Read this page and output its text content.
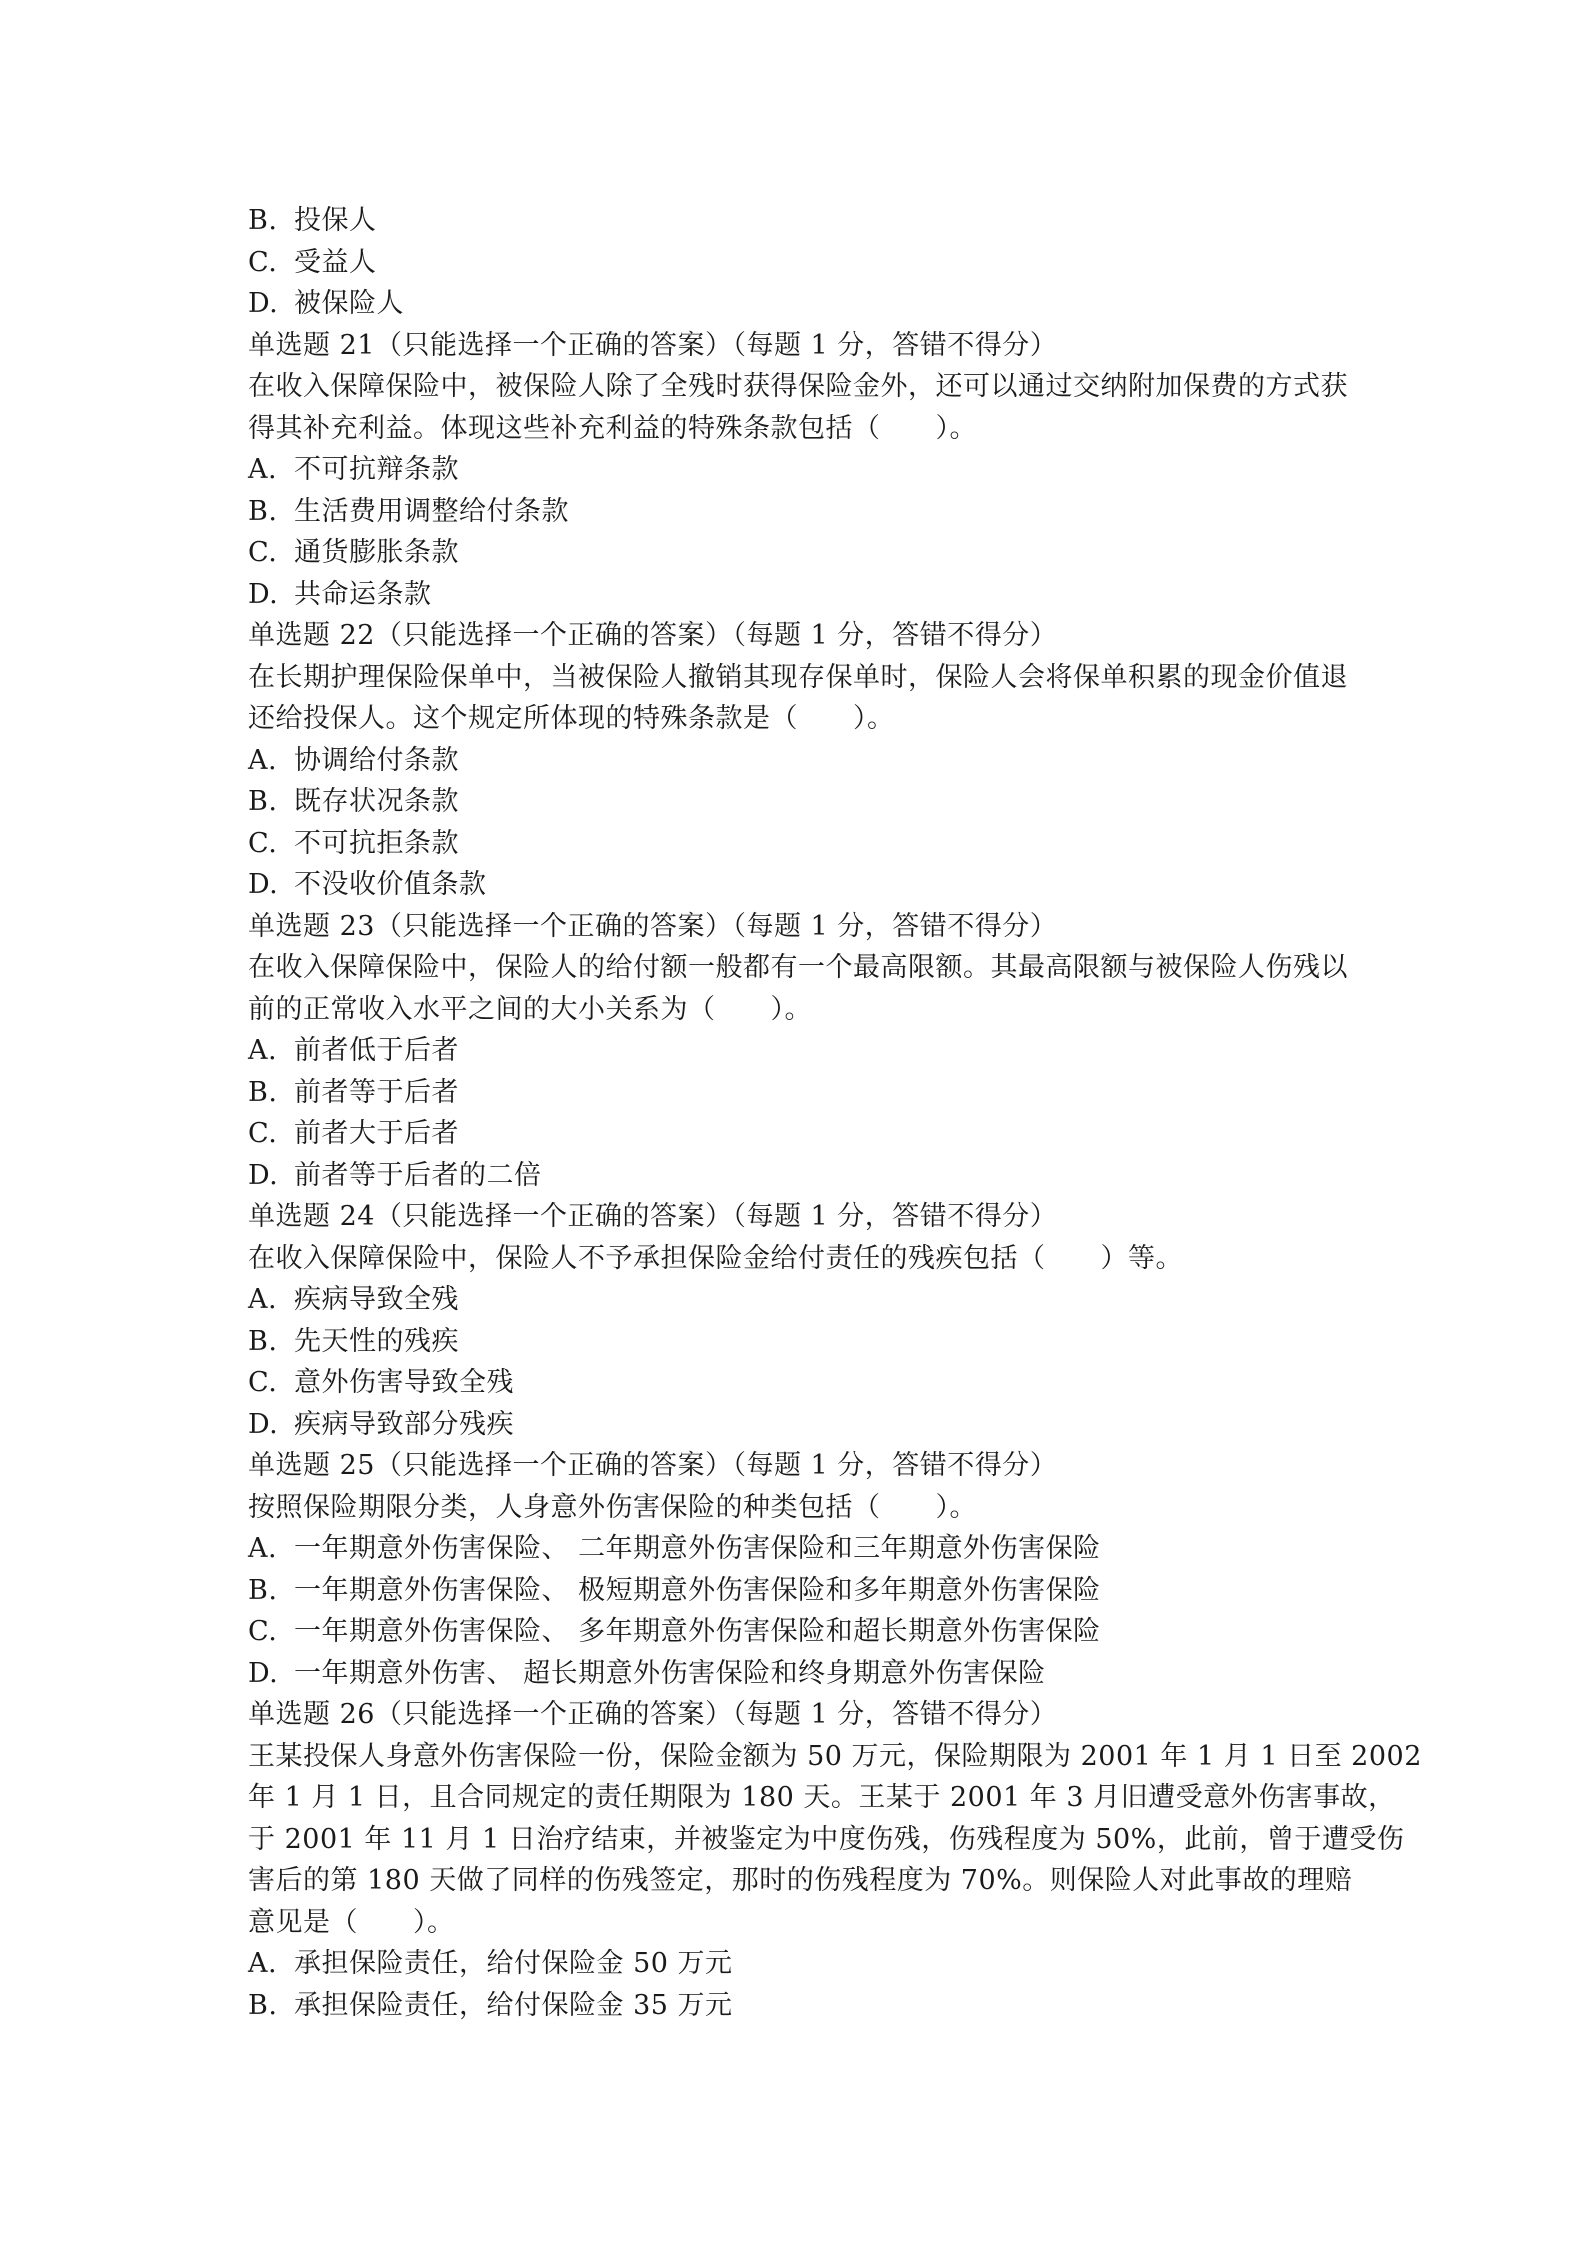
B. 投保人
C. 受益人
D. 被保险人
单选题 21（只能选择一个正确的答案）（每题 1 分，答错不得分）
在收入保障保险中，被保险人除了全残时获得保险金外，还可以通过交纳附加保费的方式获
得其补充利益。体现这些补充利益的特殊条款包括（　　）。
A. 不可抗辩条款
B. 生活费用调整给付条款
C. 通货膨胀条款
D. 共命运条款
单选题 22（只能选择一个正确的答案）（每题 1 分，答错不得分）
在长期护理保险保单中，当被保险人撤销其现存保单时，保险人会将保单积累的现金价值退
还给投保人。这个规定所体现的特殊条款是（　　）。
A. 协调给付条款
B. 既存状况条款
C. 不可抗拒条款
D. 不没收价值条款
单选题 23（只能选择一个正确的答案）（每题 1 分，答错不得分）
在收入保障保险中，保险人的给付额一般都有一个最高限额。其最高限额与被保险人伤残以
前的正常收入水平之间的大小关系为（　　）。
A. 前者低于后者
B. 前者等于后者
C. 前者大于后者
D. 前者等于后者的二倍
单选题 24（只能选择一个正确的答案）（每题 1 分，答错不得分）
在收入保障保险中，保险人不予承担保险金给付责任的残疾包括（　　）等。
A. 疾病导致全残
B. 先天性的残疾
C. 意外伤害导致全残
D. 疾病导致部分残疾
单选题 25（只能选择一个正确的答案）（每题 1 分，答错不得分）
按照保险期限分类，人身意外伤害保险的种类包括（　　）。
A. 一年期意外伤害保险、 二年期意外伤害保险和三年期意外伤害保险
B. 一年期意外伤害保险、 极短期意外伤害保险和多年期意外伤害保险
C. 一年期意外伤害保险、 多年期意外伤害保险和超长期意外伤害保险
D. 一年期意外伤害、 超长期意外伤害保险和终身期意外伤害保险
单选题 26（只能选择一个正确的答案）（每题 1 分，答错不得分）
王某投保人身意外伤害保险一份，保险金额为 50 万元，保险期限为 2001 年 1 月 1 日至 2002
年 1 月 1 日，且合同规定的责任期限为 180 天。王某于 2001 年 3 月旧遭受意外伤害事故，
于 2001 年 11 月 1 日治疗结束，并被鉴定为中度伤残，伤残程度为 50%，此前，曾于遭受伤
害后的第 180 天做了同样的伤残签定，那时的伤残程度为 70%。则保险人对此事故的理赔
意见是（　　）。
A. 承担保险责任，给付保险金 50 万元
B. 承担保险责任，给付保险金 35 万元
